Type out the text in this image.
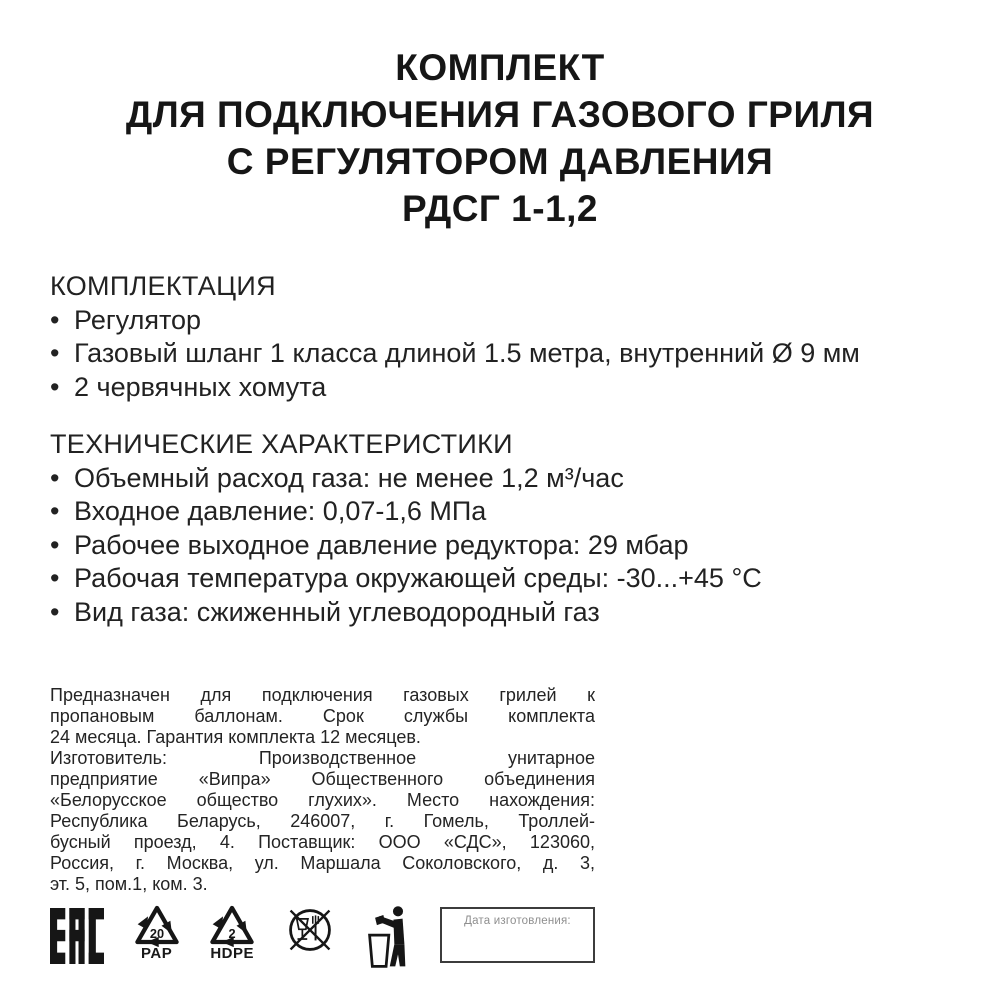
КОМПЛЕКТ
ДЛЯ ПОДКЛЮЧЕНИЯ ГАЗОВОГО ГРИЛЯ
С РЕГУЛЯТОРОМ ДАВЛЕНИЯ
РДСГ 1-1,2
КОМПЛЕКТАЦИЯ
• Регулятор
• Газовый шланг 1 класса длиной 1.5 метра, внутренний Ø 9 мм
• 2 червячных хомута
ТЕХНИЧЕСКИЕ ХАРАКТЕРИСТИКИ
• Объемный расход газа: не менее 1,2 м³/час
• Входное давление: 0,07-1,6 МПа
• Рабочее выходное давление редуктора: 29 мбар
• Рабочая температура окружающей среды: -30...+45 °С
• Вид газа: сжиженный углеводородный газ
Предназначен для подключения газовых грилей к
пропановым баллонам. Срок службы комплекта
24 месяца. Гарантия комплекта 12 месяцев.
Изготовитель: Производственное унитарное
предприятие «Випра» Общественного объединения
«Белорусское общество глухих». Место нахождения:
Республика Беларусь, 246007, г. Гомель, Троллей-
бусный проезд, 4. Поставщик: ООО «СДС», 123060,
Россия, г. Москва, ул. Маршала Соколовского, д. 3,
эт. 5, пом.1, ком. 3.
20
PAP
2
HDPE
Дата изготовления:
